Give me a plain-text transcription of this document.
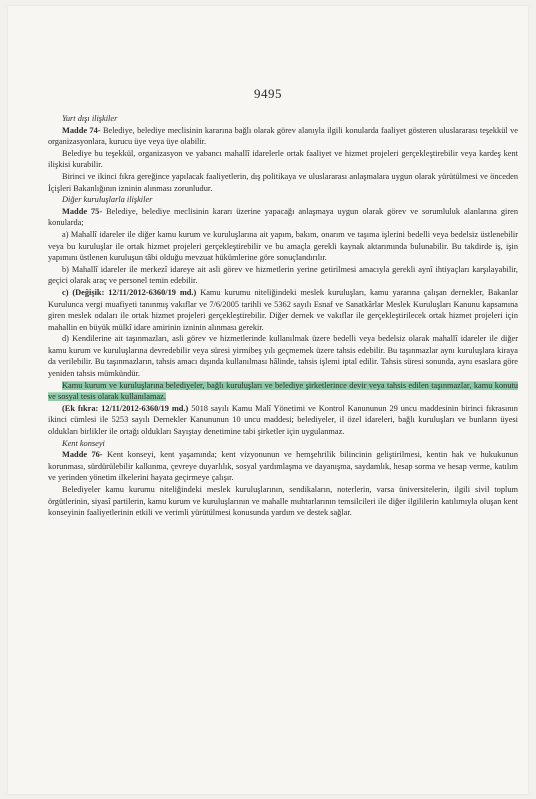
9495

Yurt dışı ilişkiler

Madde 74- Belediye, belediye meclisinin kararına bağlı olarak görev alanıyla ilgili konularda faaliyet gösteren uluslararası teşekkül ve organizasyonlara, kurucu üye veya üye olabilir.

Belediye bu teşekkül, organizasyon ve yabancı mahallî idarelerle ortak faaliyet ve hizmet projeleri gerçekleştirebilir veya kardeş kent ilişkisi kurabilir.

Birinci ve ikinci fıkra gereğince yapılacak faaliyetlerin, dış politikaya ve uluslararası anlaşmalara uygun olarak yürütülmesi ve önceden İçişleri Bakanlığının izninin alınması zorunludur.

Diğer kuruluşlarla ilişkiler

Madde 75- Belediye, belediye meclisinin kararı üzerine yapacağı anlaşmaya uygun olarak görev ve sorumluluk alanlarına giren konularda;

a) Mahallî idareler ile diğer kamu kurum ve kuruluşlarına ait yapım, bakım, onarım ve taşıma işlerini bedelli veya bedelsiz üstlenebilir veya bu kuruluşlar ile ortak hizmet projeleri gerçekleştirebilir ve bu amaçla gerekli kaynak aktarımında bulunabilir. Bu takdirde iş, işin yapımını üstlenen kuruluşun tâbi olduğu mevzuat hükümlerine göre sonuçlandırılır.

b) Mahallî idareler ile merkezî idareye ait asli görev ve hizmetlerin yerine getirilmesi amacıyla gerekli aynî ihtiyaçları karşılayabilir, geçici olarak araç ve personel temin edebilir.

c) (Değişik: 12/11/2012-6360/19 md.) Kamu kurumu niteliğindeki meslek kuruluşları, kamu yararına çalışan dernekler, Bakanlar Kurulunca vergi muafiyeti tanınmış vakıflar ve 7/6/2005 tarihli ve 5362 sayılı Esnaf ve Sanatkârlar Meslek Kuruluşları Kanunu kapsamına giren meslek odaları ile ortak hizmet projeleri gerçekleştirebilir. Diğer dernek ve vakıflar ile gerçekleştirilecek ortak hizmet projeleri için mahallin en büyük mülkî idare amirinin izninin alınması gerekir.

d) Kendilerine ait taşınmazları, asli görev ve hizmetlerinde kullanılmak üzere bedelli veya bedelsiz olarak mahallî idareler ile diğer kamu kurum ve kuruluşlarına devredebilir veya süresi yirmibeş yılı geçmemek üzere tahsis edebilir. Bu taşınmazlar aynı kuruluşlara kiraya da verilebilir. Bu taşınmazların, tahsis amacı dışında kullanılması hâlinde, tahsis işlemi iptal edilir. Tahsis süresi sonunda, aynı esaslara göre yeniden tahsis mümkündür.

Kamu kurum ve kuruluşlarına belediyeler, bağlı kuruluşları ve belediye şirketlerince devir veya tahsis edilen taşınmazlar, kamu konutu ve sosyal tesis olarak kullanılamaz.

(Ek fıkra: 12/11/2012-6360/19 md.) 5018 sayılı Kamu Malî Yönetimi ve Kontrol Kanununun 29 uncu maddesinin birinci fıkrasının ikinci cümlesi ile 5253 sayılı Dernekler Kanununun 10 uncu maddesi; belediyeler, il özel idareleri, bağlı kuruluşları ve bunların üyesi oldukları birlikler ile ortağı oldukları Sayıştay denetimine tabi şirketler için uygulanmaz.

Kent konseyi

Madde 76- Kent konseyi, kent yaşamında; kent vizyonunun ve hemşehrilik bilincinin geliştirilmesi, kentin hak ve hukukunun korunması, sürdürülebilir kalkınma, çevreye duyarlılık, sosyal yardımlaşma ve dayanışma, saydamlık, hesap sorma ve hesap verme, katılım ve yerinden yönetim ilkelerini hayata geçirmeye çalışır.

Belediyeler kamu kurumu niteliğindeki meslek kuruluşlarının, sendikaların, noterlerin, varsa üniversitelerin, ilgili sivil toplum örgütlerinin, siyasî partilerin, kamu kurum ve kuruluşlarının ve mahalle muhtarlarının temsilcileri ile diğer ilgililerin katılımıyla oluşan kent konseyinin faaliyetlerinin etkili ve verimli yürütülmesi konusunda yardım ve destek sağlar.
